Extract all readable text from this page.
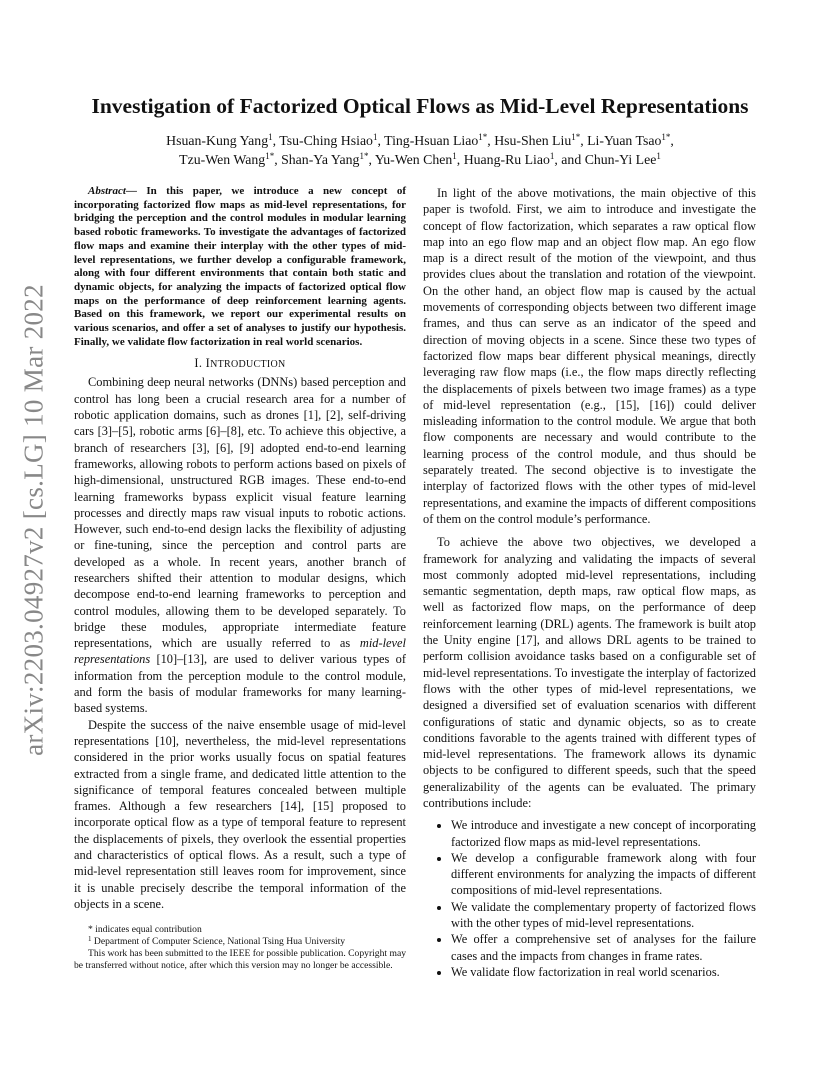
arXiv:2203.04927v2 [cs.LG] 10 Mar 2022
Investigation of Factorized Optical Flows as Mid-Level Representations
Hsuan-Kung Yang$^1$, Tsu-Ching Hsiao$^1$, Ting-Hsuan Liao$^{1*}$, Hsu-Shen Liu$^{1*}$, Li-Yuan Tsao$^{1*}$,
Tzu-Wen Wang$^{1*}$, Shan-Ya Yang$^{1*}$, Yu-Wen Chen$^1$, Huang-Ru Liao$^1$, and Chun-Yi Lee$^1$

Abstract— In this paper, we introduce a new concept of incorporating factorized flow maps as mid-level representations, for bridging the perception and the control modules in modular learning based robotic frameworks. To investigate the advantages of factorized flow maps and examine their interplay with the other types of mid-level representations, we further develop a configurable framework, along with four different environments that contain both static and dynamic objects, for analyzing the impacts of factorized optical flow maps on the performance of deep reinforcement learning agents. Based on this framework, we report our experimental results on various scenarios, and offer a set of analyses to justify our hypothesis. Finally, we validate flow factorization in real world scenarios.

I. INTRODUCTION

Combining deep neural networks (DNNs) based perception and control has long been a crucial research area for a number of robotic application domains, such as drones [1], [2], self-driving cars [3]–[5], robotic arms [6]–[8], etc. To achieve this objective, a branch of researchers [3], [6], [9] adopted end-to-end learning frameworks, allowing robots to perform actions based on pixels of high-dimensional, unstructured RGB images. These end-to-end learning frameworks bypass explicit visual feature learning processes and directly maps raw visual inputs to robotic actions. However, such end-to-end design lacks the flexibility of adjusting or fine-tuning, since the perception and control parts are developed as a whole. In recent years, another branch of researchers shifted their attention to modular designs, which decompose end-to-end learning frameworks to perception and control modules, allowing them to be developed separately. To bridge these modules, appropriate intermediate feature representations, which are usually referred to as mid-level representations [10]–[13], are used to deliver various types of information from the perception module to the control module, and form the basis of modular frameworks for many learning-based systems.

Despite the success of the naive ensemble usage of mid-level representations [10], nevertheless, the mid-level representations considered in the prior works usually focus on spatial features extracted from a single frame, and dedicated little attention to the significance of temporal features concealed between multiple frames. Although a few researchers [14], [15] proposed to incorporate optical flow as a type of temporal feature to represent the displacements of pixels, they overlook the essential properties and characteristics of optical flows. As a result, such a type of mid-level representation still leaves room for improvement, since it is unable precisely describe the temporal information of the objects in a scene.

* indicates equal contribution
$^1$ Department of Computer Science, National Tsing Hua University
This work has been submitted to the IEEE for possible publication. Copyright may be transferred without notice, after which this version may no longer be accessible.

In light of the above motivations, the main objective of this paper is twofold. First, we aim to introduce and investigate the concept of flow factorization, which separates a raw optical flow map into an ego flow map and an object flow map. An ego flow map is a direct result of the motion of the viewpoint, and thus provides clues about the translation and rotation of the viewpoint. On the other hand, an object flow map is caused by the actual movements of corresponding objects between two different image frames, and thus can serve as an indicator of the speed and direction of moving objects in a scene. Since these two types of factorized flow maps bear different physical meanings, directly leveraging raw flow maps (i.e., the flow maps directly reflecting the displacements of pixels between two image frames) as a type of mid-level representation (e.g., [15], [16]) could deliver misleading information to the control module. We argue that both flow components are necessary and would contribute to the learning process of the control module, and thus should be separately treated. The second objective is to investigate the interplay of factorized flows with the other types of mid-level representations, and examine the impacts of different compositions of them on the control module’s performance.

To achieve the above two objectives, we developed a framework for analyzing and validating the impacts of several most commonly adopted mid-level representations, including semantic segmentation, depth maps, raw optical flow maps, as well as factorized flow maps, on the performance of deep reinforcement learning (DRL) agents. The framework is built atop the Unity engine [17], and allows DRL agents to be trained to perform collision avoidance tasks based on a configurable set of mid-level representations. To investigate the interplay of factorized flows with the other types of mid-level representations, we designed a diversified set of evaluation scenarios with different configurations of static and dynamic objects, so as to create conditions favorable to the agents trained with different types of mid-level representations. The framework allows its dynamic objects to be configured to different speeds, such that the speed generalizability of the agents can be evaluated. The primary contributions include:

• We introduce and investigate a new concept of incorporating factorized flow maps as mid-level representations.
• We develop a configurable framework along with four different environments for analyzing the impacts of different compositions of mid-level representations.
• We validate the complementary property of factorized flows with the other types of mid-level representations.
• We offer a comprehensive set of analyses for the failure cases and the impacts from changes in frame rates.
• We validate flow factorization in real world scenarios.
